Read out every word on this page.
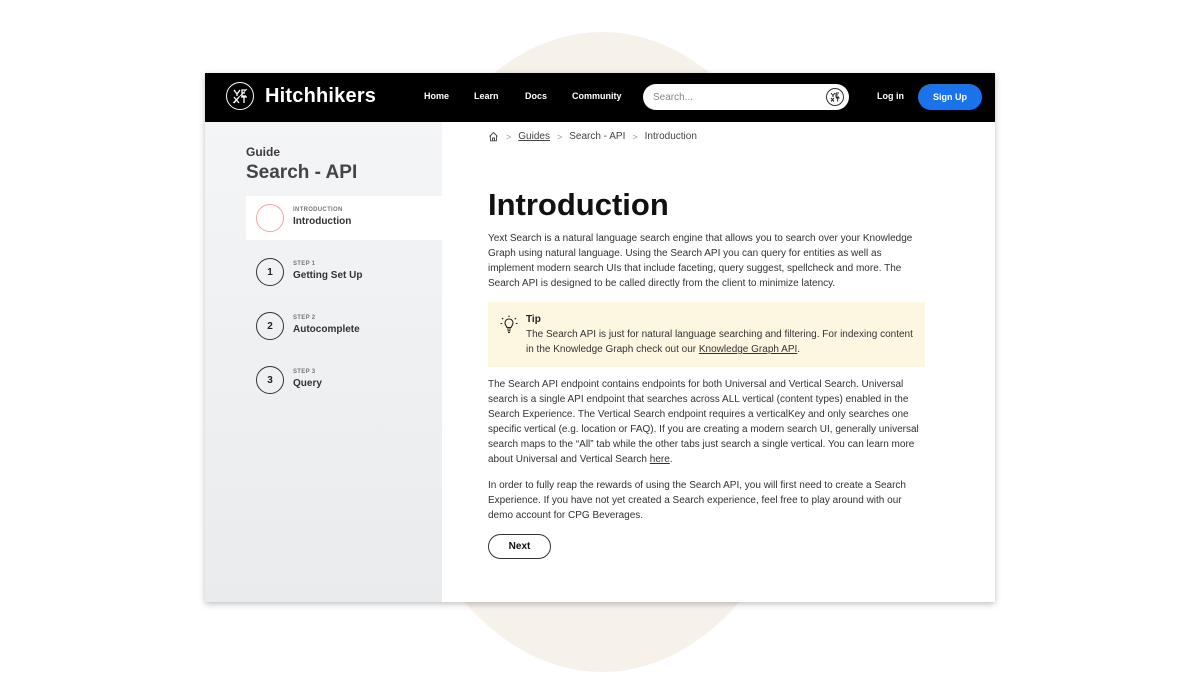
Hitchhikers	Home	Learn	Docs	Community
Search...	Log in	Sign Up
Guide
Search - API
INTRODUCTION
Introduction
1
STEP 1
Getting Set Up
2
STEP 2
Autocomplete
3
STEP 3
Query
> Guides > Search - API > Introduction
Introduction

Yext Search is a natural language search engine that allows you to search over your Knowledge Graph using natural language. Using the Search API you can query for entities as well as implement modern search UIs that include faceting, query suggest, spellcheck and more. The Search API is designed to be called directly from the client to minimize latency.

Tip

The Search API is just for natural language searching and filtering. For indexing content in the Knowledge Graph check out our Knowledge Graph API.

The Search API endpoint contains endpoints for both Universal and Vertical Search. Universal search is a single API endpoint that searches across ALL vertical (content types) enabled in the Search Experience. The Vertical Search endpoint requires a verticalKey and only searches one specific vertical (e.g. location or FAQ). If you are creating a modern search UI, generally universal search maps to the “All” tab while the other tabs just search a single vertical. You can learn more about Universal and Vertical Search here.

In order to fully reap the rewards of using the Search API, you will first need to create a Search Experience. If you have not yet created a Search experience, feel free to play around with our demo account for CPG Beverages.

Next
